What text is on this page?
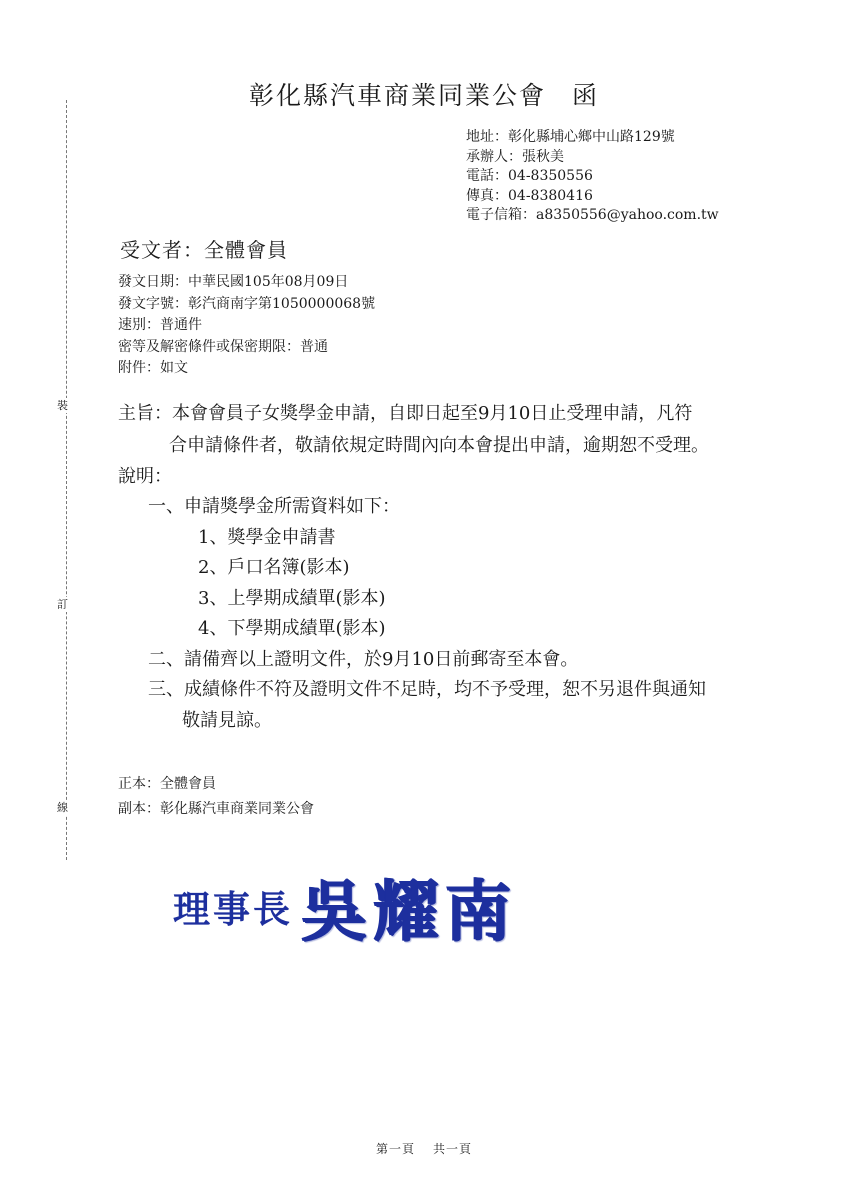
裝
訂
線
彰化縣汽車商業同業公會 函
地址：彰化縣埔心鄉中山路129號
承辦人：張秋美
電話：04-8350556
傳真：04-8380416
電子信箱：a8350556@yahoo.com.tw
受文者：全體會員
發文日期：中華民國105年08月09日
發文字號：彰汽商南字第1050000068號
速別：普通件
密等及解密條件或保密期限：普通
附件：如文
主旨：本會會員子女獎學金申請，自即日起至9月10日止受理申請，凡符
合申請條件者，敬請依規定時間內向本會提出申請，逾期恕不受理。
說明：
一、申請獎學金所需資料如下：
1、獎學金申請書
2、戶口名簿(影本)
3、上學期成績單(影本)
4、下學期成績單(影本)
二、請備齊以上證明文件，於9月10日前郵寄至本會。
三、成績條件不符及證明文件不足時，均不予受理，恕不另退件與通知
敬請見諒。
正本：全體會員
副本：彰化縣汽車商業同業公會
理事長 吳耀南
第一頁 共一頁
